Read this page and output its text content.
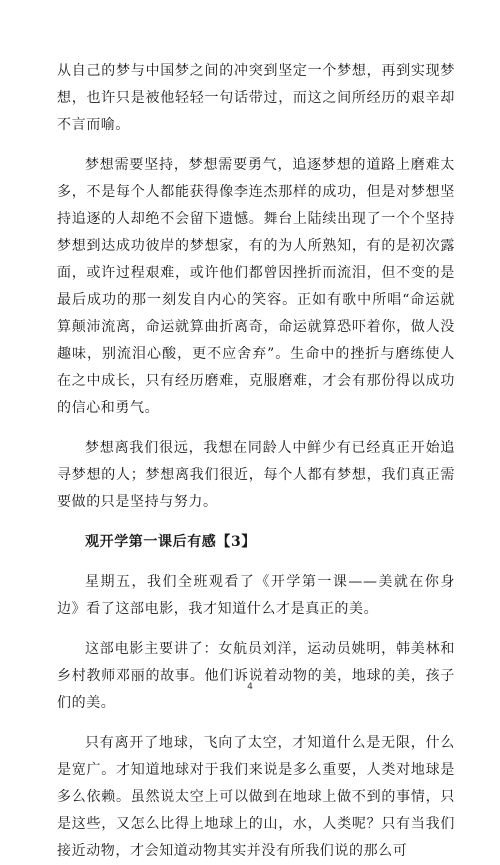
从自己的梦与中国梦之间的冲突到坚定一个梦想，再到实现梦想，也许只是被他轻轻一句话带过，而这之间所经历的艰辛却不言而喻。

梦想需要坚持，梦想需要勇气，追逐梦想的道路上磨难太多，不是每个人都能获得像李连杰那样的成功，但是对梦想坚持追逐的人却绝不会留下遗憾。舞台上陆续出现了一个个坚持梦想到达成功彼岸的梦想家，有的为人所熟知，有的是初次露面，或许过程艰难，或许他们都曾因挫折而流泪，但不变的是最后成功的那一刻发自内心的笑容。正如有歌中所唱“命运就算颠沛流离，命运就算曲折离奇，命运就算恐吓着你，做人没趣味，别流泪心酸，更不应舍弃”。生命中的挫折与磨练使人在之中成长，只有经历磨难，克服磨难，才会有那份得以成功的信心和勇气。

梦想离我们很远，我想在同龄人中鲜少有已经真正开始追寻梦想的人；梦想离我们很近，每个人都有梦想，我们真正需要做的只是坚持与努力。

观开学第一课后有感【3】

星期五，我们全班观看了《开学第一课——美就在你身边》看了这部电影，我才知道什么才是真正的美。

这部电影主要讲了：女航员刘洋，运动员姚明，韩美林和乡村教师邓丽的故事。他们诉说着动物的美，地球的美，孩子们的美。

只有离开了地球，飞向了太空，才知道什么是无限，什么是宽广。才知道地球对于我们来说是多么重要，人类对地球是多么依赖。虽然说太空上可以做到在地球上做不到的事情，只是这些，又怎么比得上地球上的山，水，人类呢？只有当我们接近动物，才会知道动物其实并没有所我们说的那么可

4
